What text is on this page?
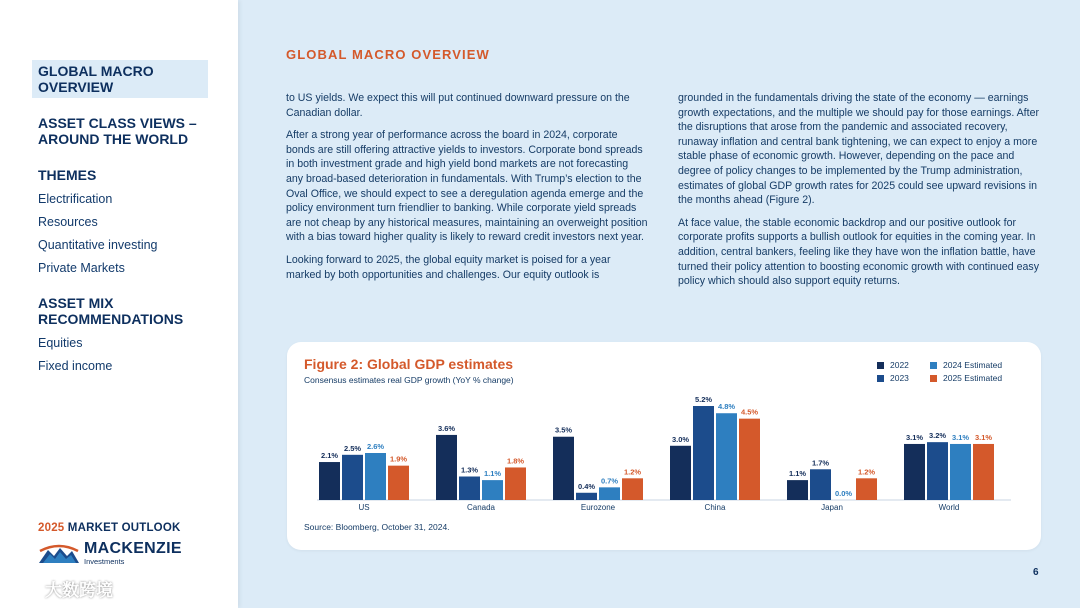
GLOBAL MACRO OVERVIEW
ASSET CLASS VIEWS – AROUND THE WORLD
THEMES
Electrification
Resources
Quantitative investing
Private Markets
ASSET MIX RECOMMENDATIONS
Equities
Fixed income
2025 MARKET OUTLOOK
MACKENZIE
Investments
大数跨境
GLOBAL MACRO OVERVIEW

to US yields. We expect this will put continued downward pressure on the Canadian dollar.

After a strong year of performance across the board in 2024, corporate bonds are still offering attractive yields to investors. Corporate bond spreads in both investment grade and high yield bond markets are not forecasting any broad-based deterioration in fundamentals. With Trump’s election to the Oval Office, we should expect to see a deregulation agenda emerge and the policy environment turn friendlier to banking. While corporate yield spreads are not cheap by any historical measures, maintaining an overweight position with a bias toward higher quality is likely to reward credit investors next year.

Looking forward to 2025, the global equity market is poised for a year marked by both opportunities and challenges. Our equity outlook is

grounded in the fundamentals driving the state of the economy — earnings growth expectations, and the multiple we should pay for those earnings. After the disruptions that arose from the pandemic and associated recovery, runaway inflation and central bank tightening, we can expect to enjoy a more stable phase of economic growth. However, depending on the pace and degree of policy changes to be implemented by the Trump administration, estimates of global GDP growth rates for 2025 could see upward revisions in the months ahead (Figure 2).

At face value, the stable economic backdrop and our positive outlook for corporate profits supports a bullish outlook for equities in the coming year. In addition, central bankers, feeling like they have won the inflation battle, have turned their policy attention to boosting economic growth with continued easy policy which should also support equity returns.

Figure 2: Global GDP estimates
Consensus estimates real GDP growth (YoY % change)
2022
2023
2024 Estimated
2025 Estimated
2.1%
2.5% 2.6%
1.9%
US
3.6%
1.3% 1.1%
1.8%
Canada
3.5%
0.4%
0.7%
1.2%
Eurozone
3.0%
5.2%
4.8%
4.5%
China
1.1%
1.7%
0.0%
1.2%
Japan
3.1% 3.2% 3.1% 3.1%
World
Source: Bloomberg, October 31, 2024.
6
